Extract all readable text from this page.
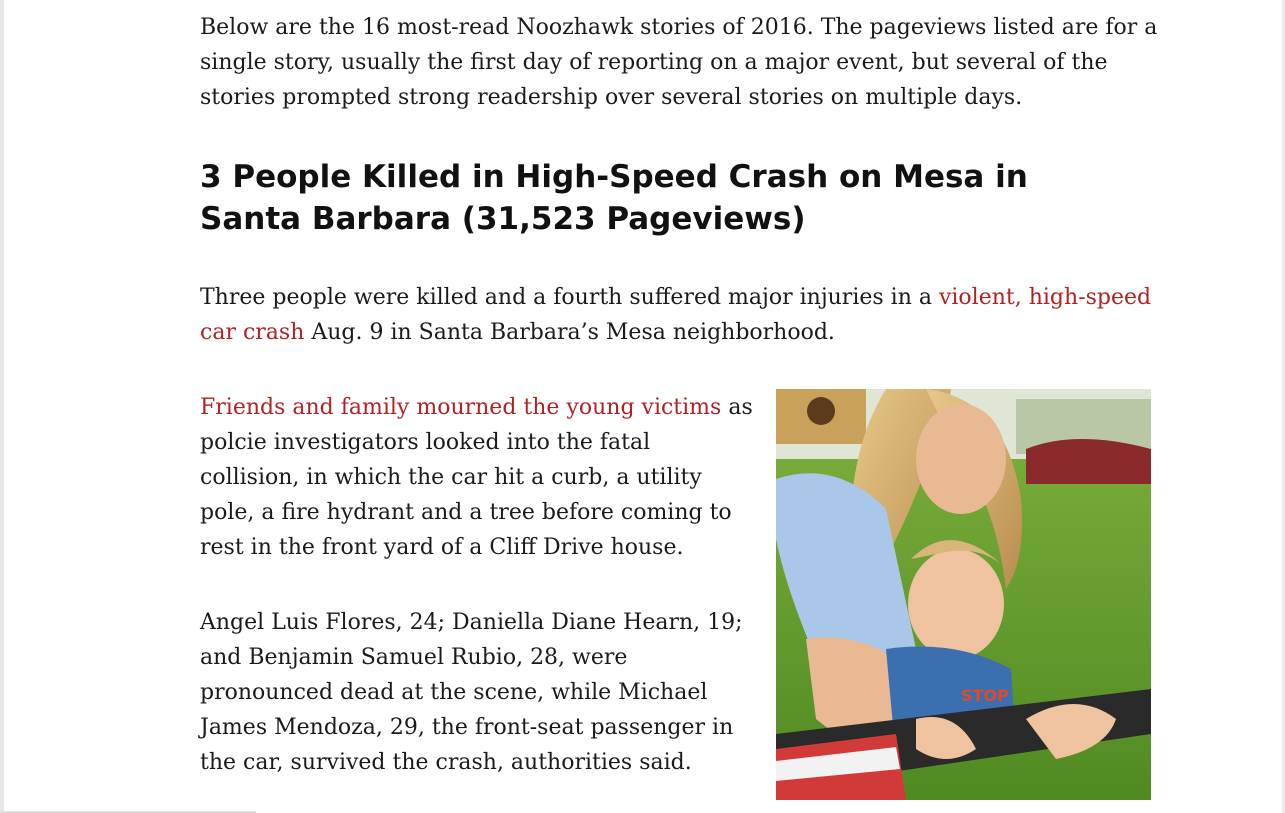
Below are the 16 most-read Noozhawk stories of 2016. The pageviews listed are for a single story, usually the first day of reporting on a major event, but several of the stories prompted strong readership over several stories on multiple days.

3 People Killed in High-Speed Crash on Mesa in Santa Barbara (31,523 Pageviews)

Three people were killed and a fourth suffered major injuries in a violent, high-speed car crash Aug. 9 in Santa Barbara’s Mesa neighborhood.

Friends and family mourned the young victims as polcie investigators looked into the fatal collision, in which the car hit a curb, a utility pole, a fire hydrant and a tree before coming to rest in the front yard of a Cliff Drive house.

Angel Luis Flores, 24; Daniella Diane Hearn, 19; and Benjamin Samuel Rubio, 28, were pronounced dead at the scene, while Michael James Mendoza, 29, the front-seat passenger in the car, survived the crash, authorities said.

STOP
